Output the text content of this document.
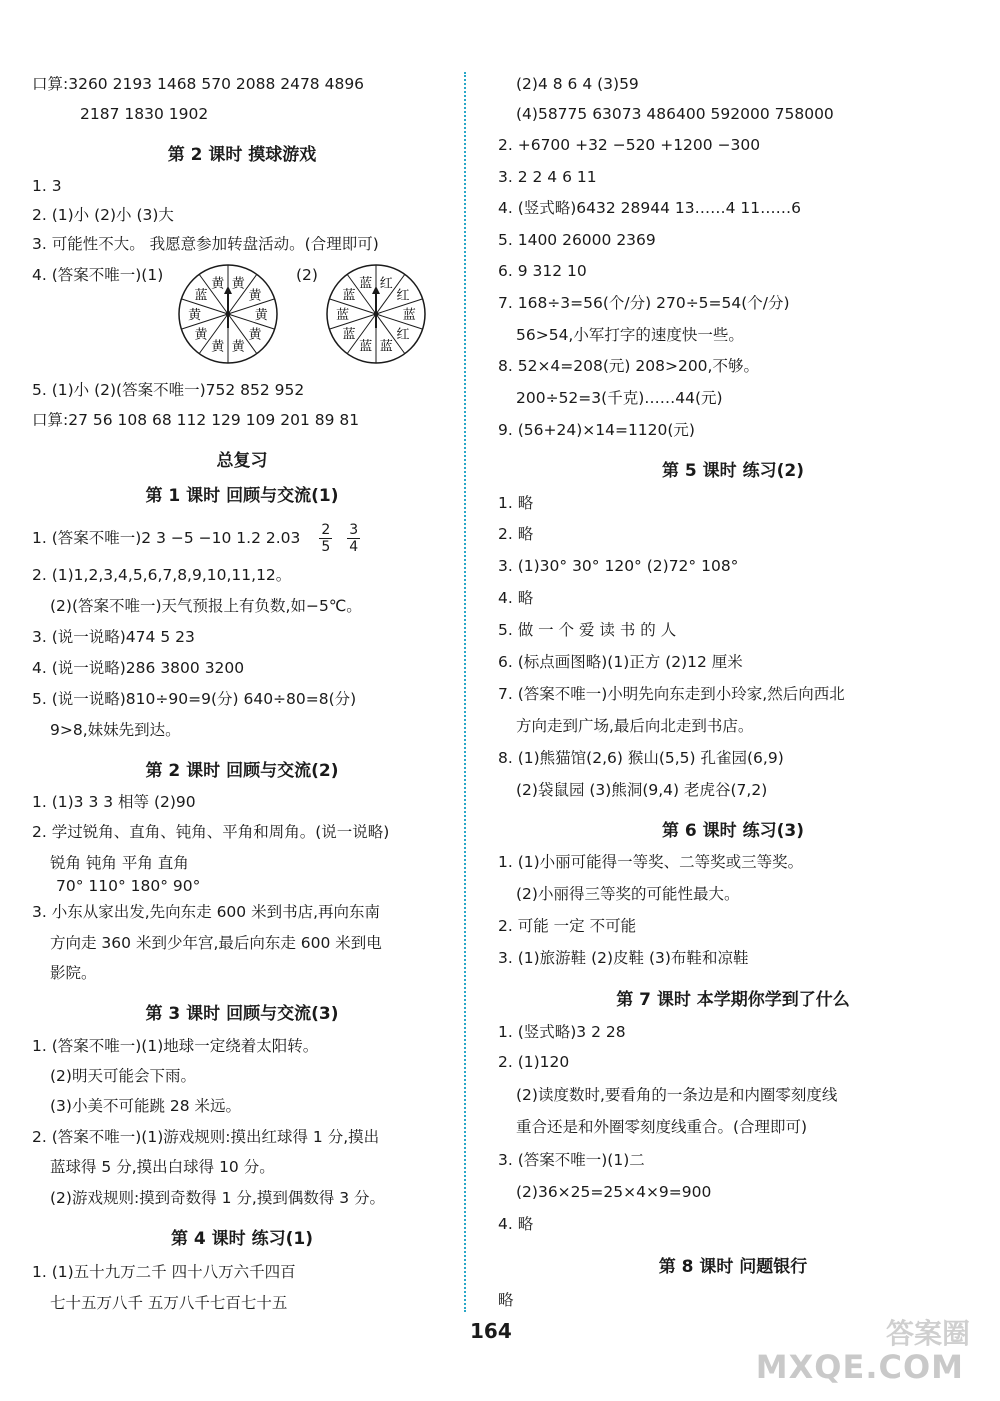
口算:3260 2193 1468 570 2088 2478 4896
2187 1830 1902
第 2 课时 摸球游戏
1. 3
2. (1)小 (2)小 (3)大
3. 可能性不大。 我愿意参加转盘活动。(合理即可)
4. (答案不唯一)(1)	(2)
黄
黄
黄
黄
黄
黄
黄
黄
蓝
黄	红
红
蓝
红
蓝
蓝
蓝
蓝
蓝
蓝
5. (1)小 (2)(答案不唯一)752 852 952
口算:27 56 108 68 112 129 109 201 89 81
总复习
第 1 课时 回顾与交流(1)
1. (答案不唯一)2 3 −5 −10 1.2 $2.03 \frac{2}{5}$
$\frac{3}{4}$
2. (1)1,2,3,4,5,6,7,8,9,10,11,12。
(2)(答案不唯一)天气预报上有负数,如−5℃。
3. (说一说略)474 5 23
4. (说一说略)286 3800 3200
5. (说一说略)810÷90=9(分) 640÷80=8(分)
9>8,妹妹先到达。
第 2 课时 回顾与交流(2)
1. (1)3 3 3 相等 (2)90
2. 学过锐角、直角、钝角、平角和周角。(说一说略)
锐角 钝角 平角 直角
70° 110° 180° 90°
3. 小东从家出发,先向东走 600 米到书店,再向东南
方向走 360 米到少年宫,最后向东走 600 米到电
影院。
第 3 课时 回顾与交流(3)
1. (答案不唯一)(1)地球一定绕着太阳转。
(2)明天可能会下雨。
(3)小美不可能跳 28 米远。
2. (答案不唯一)(1)游戏规则:摸出红球得 1 分,摸出
蓝球得 5 分,摸出白球得 10 分。
(2)游戏规则:摸到奇数得 1 分,摸到偶数得 3 分。
第 4 课时 练习(1)
1. (1)五十九万二千 四十八万六千四百
七十五万八千 五万八千七百七十五
(2)4 8 6 4 (3)59
(4)58775 63073 486400 592000 758000
2. +6700 +32 −520 +1200 −300
3. 2 2 4 6 11
4. (竖式略)6432 28944 13……4 11……6
5. 1400 26000 2369
6. 9 312 10
7. 168÷3=56(个/分) 270÷5=54(个/分)
56>54,小军打字的速度快一些。
8. 52×4=208(元) 208>200,不够。
200÷52=3(千克)……44(元)
9. (56+24)×14=1120(元)
第 5 课时 练习(2)
1. 略
2. 略
3. (1)30° 30° 120° (2)72° 108°
4. 略
5. 做 一 个 爱 读 书 的 人
6. (标点画图略)(1)正方 (2)12 厘米
7. (答案不唯一)小明先向东走到小玲家,然后向西北
方向走到广场,最后向北走到书店。
8. (1)熊猫馆(2,6) 猴山(5,5) 孔雀园(6,9)
(2)袋鼠园 (3)熊洞(9,4) 老虎谷(7,2)
第 6 课时 练习(3)
1. (1)小丽可能得一等奖、二等奖或三等奖。
(2)小丽得三等奖的可能性最大。
2. 可能 一定 不可能
3. (1)旅游鞋 (2)皮鞋 (3)布鞋和凉鞋
第 7 课时 本学期你学到了什么
1. (竖式略)3 2 28
2. (1)120
(2)读度数时,要看角的一条边是和内圈零刻度线
重合还是和外圈零刻度线重合。(合理即可)
3. (答案不唯一)(1)二
(2)36×25=25×4×9=900
4. 略
第 8 课时 问题银行
略
164	答案圈
MXQE.COM
